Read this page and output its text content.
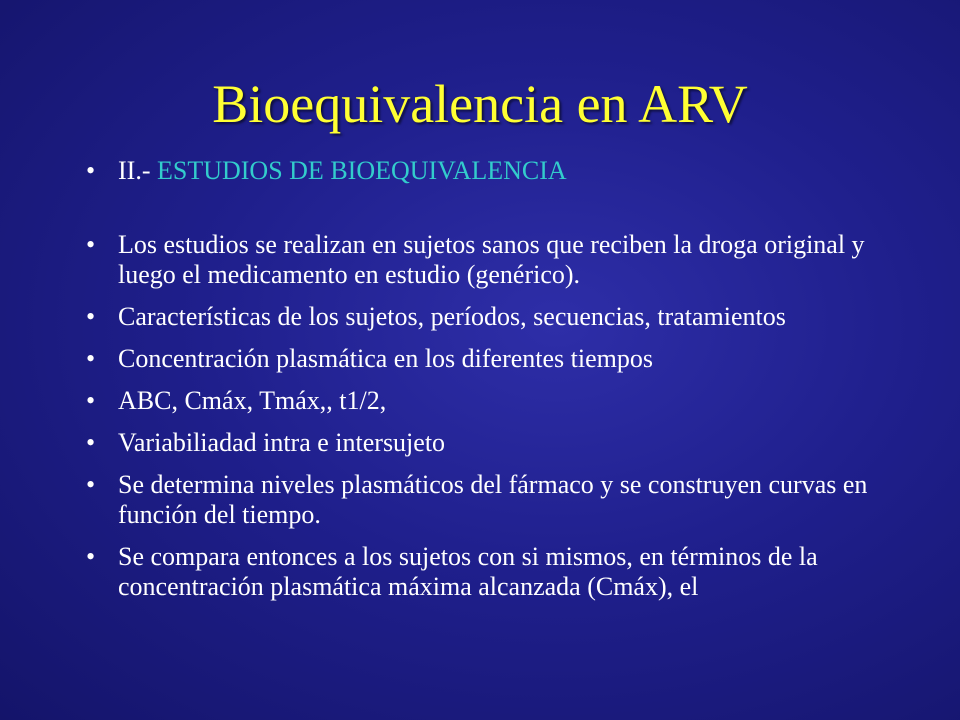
Bioequivalencia en ARV
• II.- ESTUDIOS DE BIOEQUIVALENCIA
• Los estudios se realizan en sujetos sanos que reciben la droga original y luego el medicamento en estudio (genérico).
• Características de los sujetos, períodos, secuencias, tratamientos
• Concentración plasmática en los diferentes tiempos
• ABC, Cmáx, Tmáx,, t1/2,
• Variabiliadad intra e intersujeto
• Se determina niveles plasmáticos del fármaco y se construyen curvas en función del tiempo.
• Se compara entonces a los sujetos con si mismos, en términos de la concentración plasmática máxima alcanzada (Cmáx), el
